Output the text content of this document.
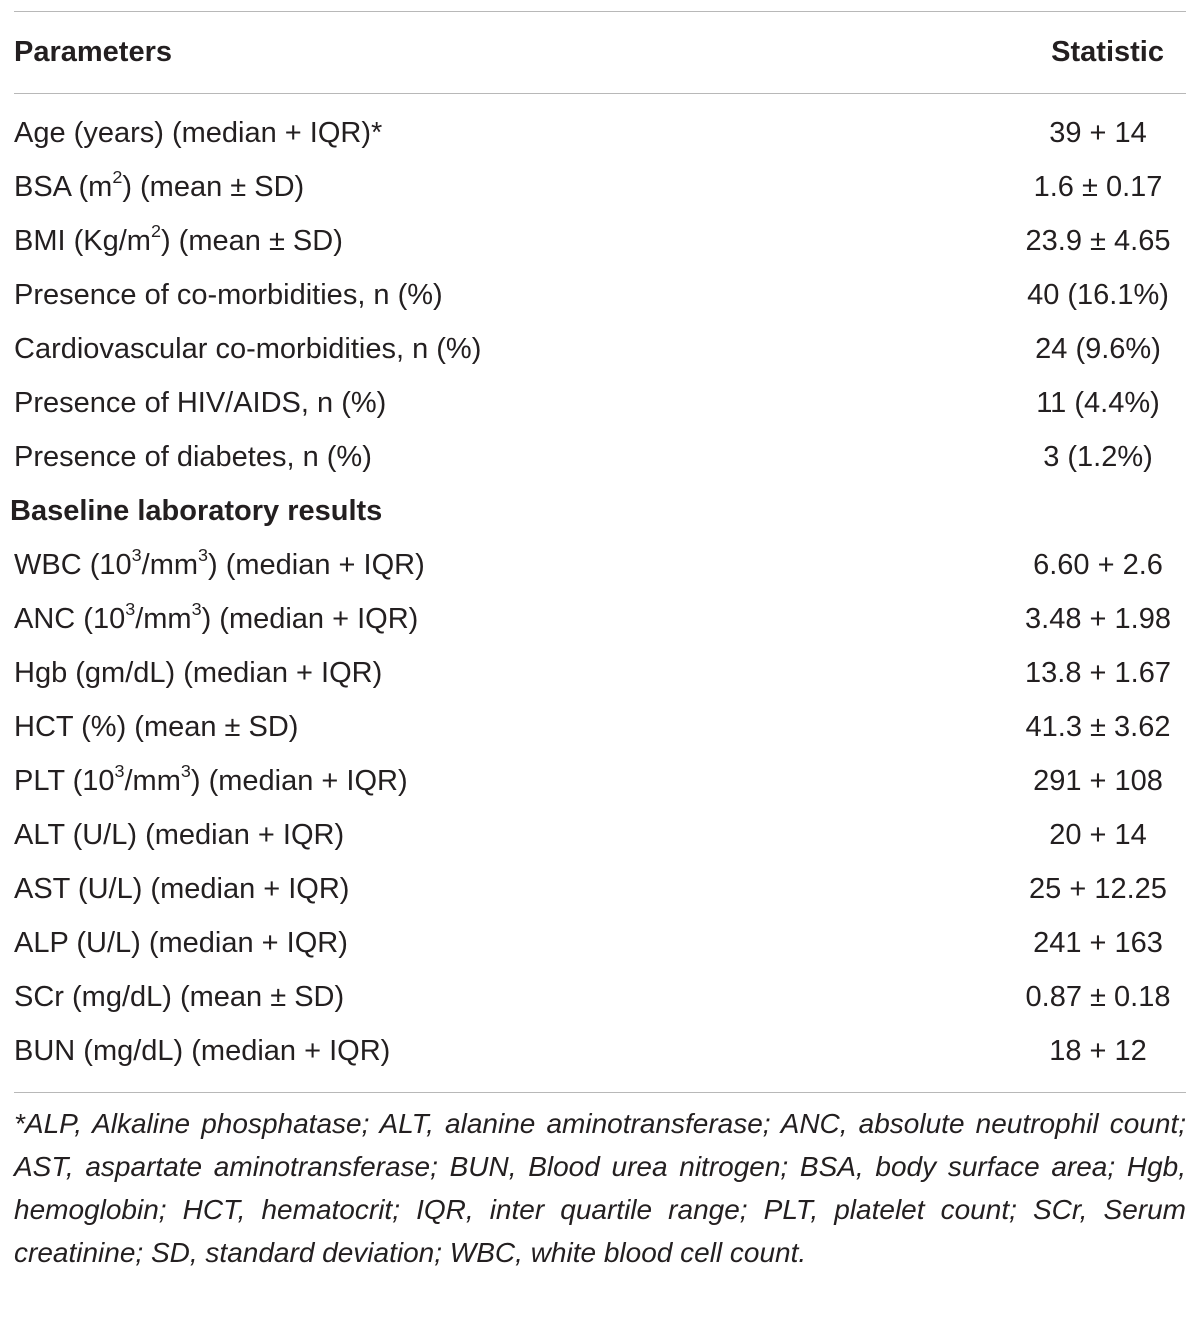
Parameters	Statistic
Age (years) (median + IQR)*	39 + 14
BSA $(m^2)$ (mean ± SD)	1.6 ± 0.17
BMI $(Kg/m^2)$ (mean ± SD)	23.9 ± 4.65
Presence of co-morbidities, n (%)	40 (16.1%)
Cardiovascular co-morbidities, n (%)	24 (9.6%)
Presence of HIV/AIDS, n (%)	11 (4.4%)
Presence of diabetes, n (%)	3 (1.2%)
Baseline laboratory results
WBC $(10^3/mm^3)$ (median + IQR)	6.60 + 2.6
ANC $(10^3/mm^3)$ (median + IQR)	3.48 + 1.98
Hgb (gm/dL) (median + IQR)	13.8 + 1.67
HCT (%) (mean ± SD)	41.3 ± 3.62
PLT $(10^3/mm^3)$ (median + IQR)	291 + 108
ALT (U/L) (median + IQR)	20 + 14
AST (U/L) (median + IQR)	25 + 12.25
ALP (U/L) (median + IQR)	241 + 163
SCr (mg/dL) (mean ± SD)	0.87 ± 0.18
BUN (mg/dL) (median + IQR)	18 + 12
*ALP, Alkaline phosphatase; ALT, alanine aminotransferase; ANC, absolute neutrophil count; AST, aspartate aminotransferase; BUN, Blood urea nitrogen; BSA, body surface area; Hgb, hemoglobin; HCT, hematocrit; IQR, inter quartile range; PLT, platelet count; SCr, Serum creatinine; SD, standard deviation; WBC, white blood cell count.
